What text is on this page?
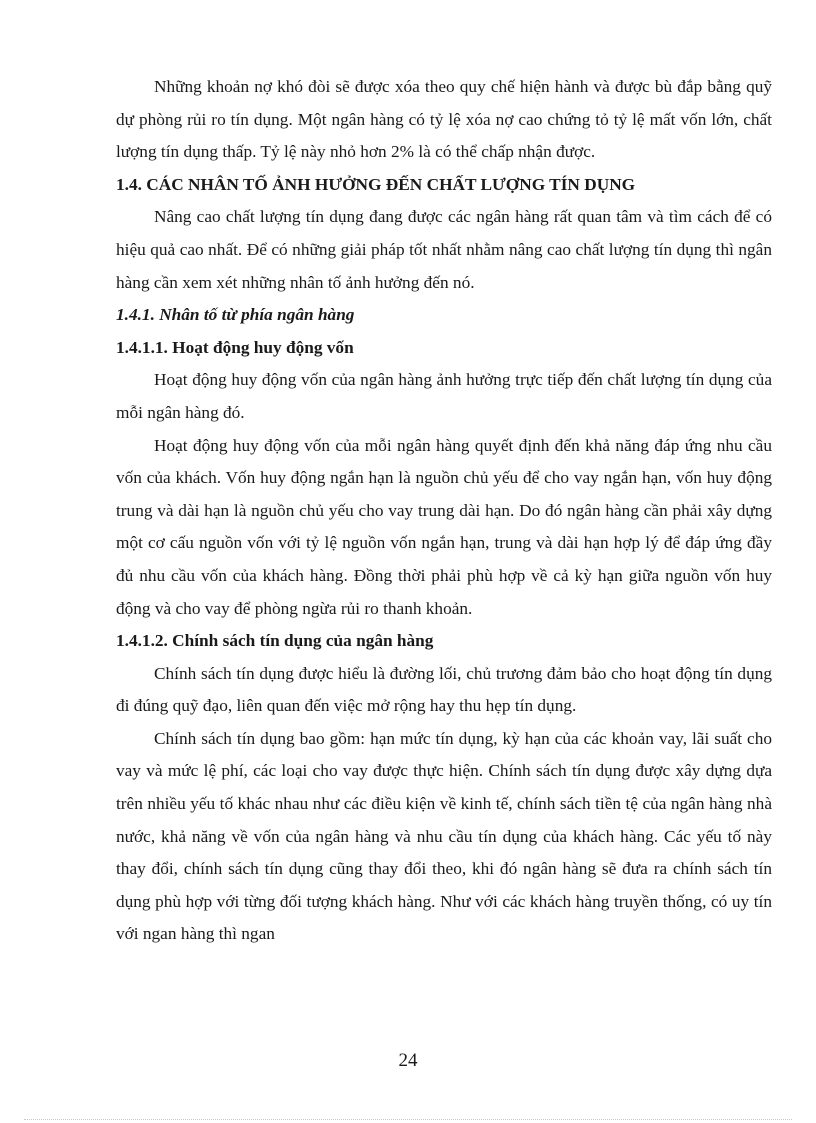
Những khoản nợ khó đòi sẽ được xóa theo quy chế hiện hành và được bù đắp bằng quỹ dự phòng rủi ro tín dụng. Một ngân hàng có tỷ lệ xóa nợ cao chứng tỏ tỷ lệ mất vốn lớn, chất lượng tín dụng thấp. Tỷ lệ này nhỏ hơn 2% là có thể chấp nhận được.

1.4. CÁC NHÂN TỐ ẢNH HƯỞNG ĐẾN CHẤT LƯỢNG TÍN DỤNG

Nâng cao chất lượng tín dụng đang được các ngân hàng rất quan tâm và tìm cách để có hiệu quả cao nhất. Để có những giải pháp tốt nhất nhằm nâng cao chất lượng tín dụng thì ngân hàng cần xem xét những nhân tố ảnh hưởng đến nó.

1.4.1. Nhân tố từ phía ngân hàng

1.4.1.1. Hoạt động huy động vốn

Hoạt động huy động vốn của ngân hàng ảnh hưởng trực tiếp đến chất lượng tín dụng của mỗi ngân hàng đó.

Hoạt động huy động vốn của mỗi ngân hàng quyết định đến khả năng đáp ứng nhu cầu vốn của khách. Vốn huy động ngắn hạn là nguồn chủ yếu để cho vay ngắn hạn, vốn huy động trung và dài hạn là nguồn chủ yếu cho vay trung dài hạn. Do đó ngân hàng cần phải xây dựng một cơ cấu nguồn vốn với tỷ lệ nguồn vốn ngắn hạn, trung và dài hạn hợp lý để đáp ứng đầy đủ nhu cầu vốn của khách hàng. Đồng thời phải phù hợp về cả kỳ hạn giữa nguồn vốn huy động và cho vay để phòng ngừa rủi ro thanh khoản.

1.4.1.2. Chính sách tín dụng của ngân hàng

Chính sách tín dụng được hiểu là đường lối, chủ trương đảm bảo cho hoạt động tín dụng đi đúng quỹ đạo, liên quan đến việc mở rộng hay thu hẹp tín dụng.

Chính sách tín dụng bao gồm: hạn mức tín dụng, kỳ hạn của các khoản vay, lãi suất cho vay và mức lệ phí, các loại cho vay được thực hiện. Chính sách tín dụng được xây dựng dựa trên nhiều yếu tố khác nhau như các điều kiện về kinh tế, chính sách tiền tệ của ngân hàng nhà nước, khả năng về vốn của ngân hàng và nhu cầu tín dụng của khách hàng. Các yếu tố này thay đổi, chính sách tín dụng cũng thay đổi theo, khi đó ngân hàng sẽ đưa ra chính sách tín dụng phù hợp với từng đối tượng khách hàng. Như với các khách hàng truyền thống, có uy tín với ngan hàng thì ngan

24
